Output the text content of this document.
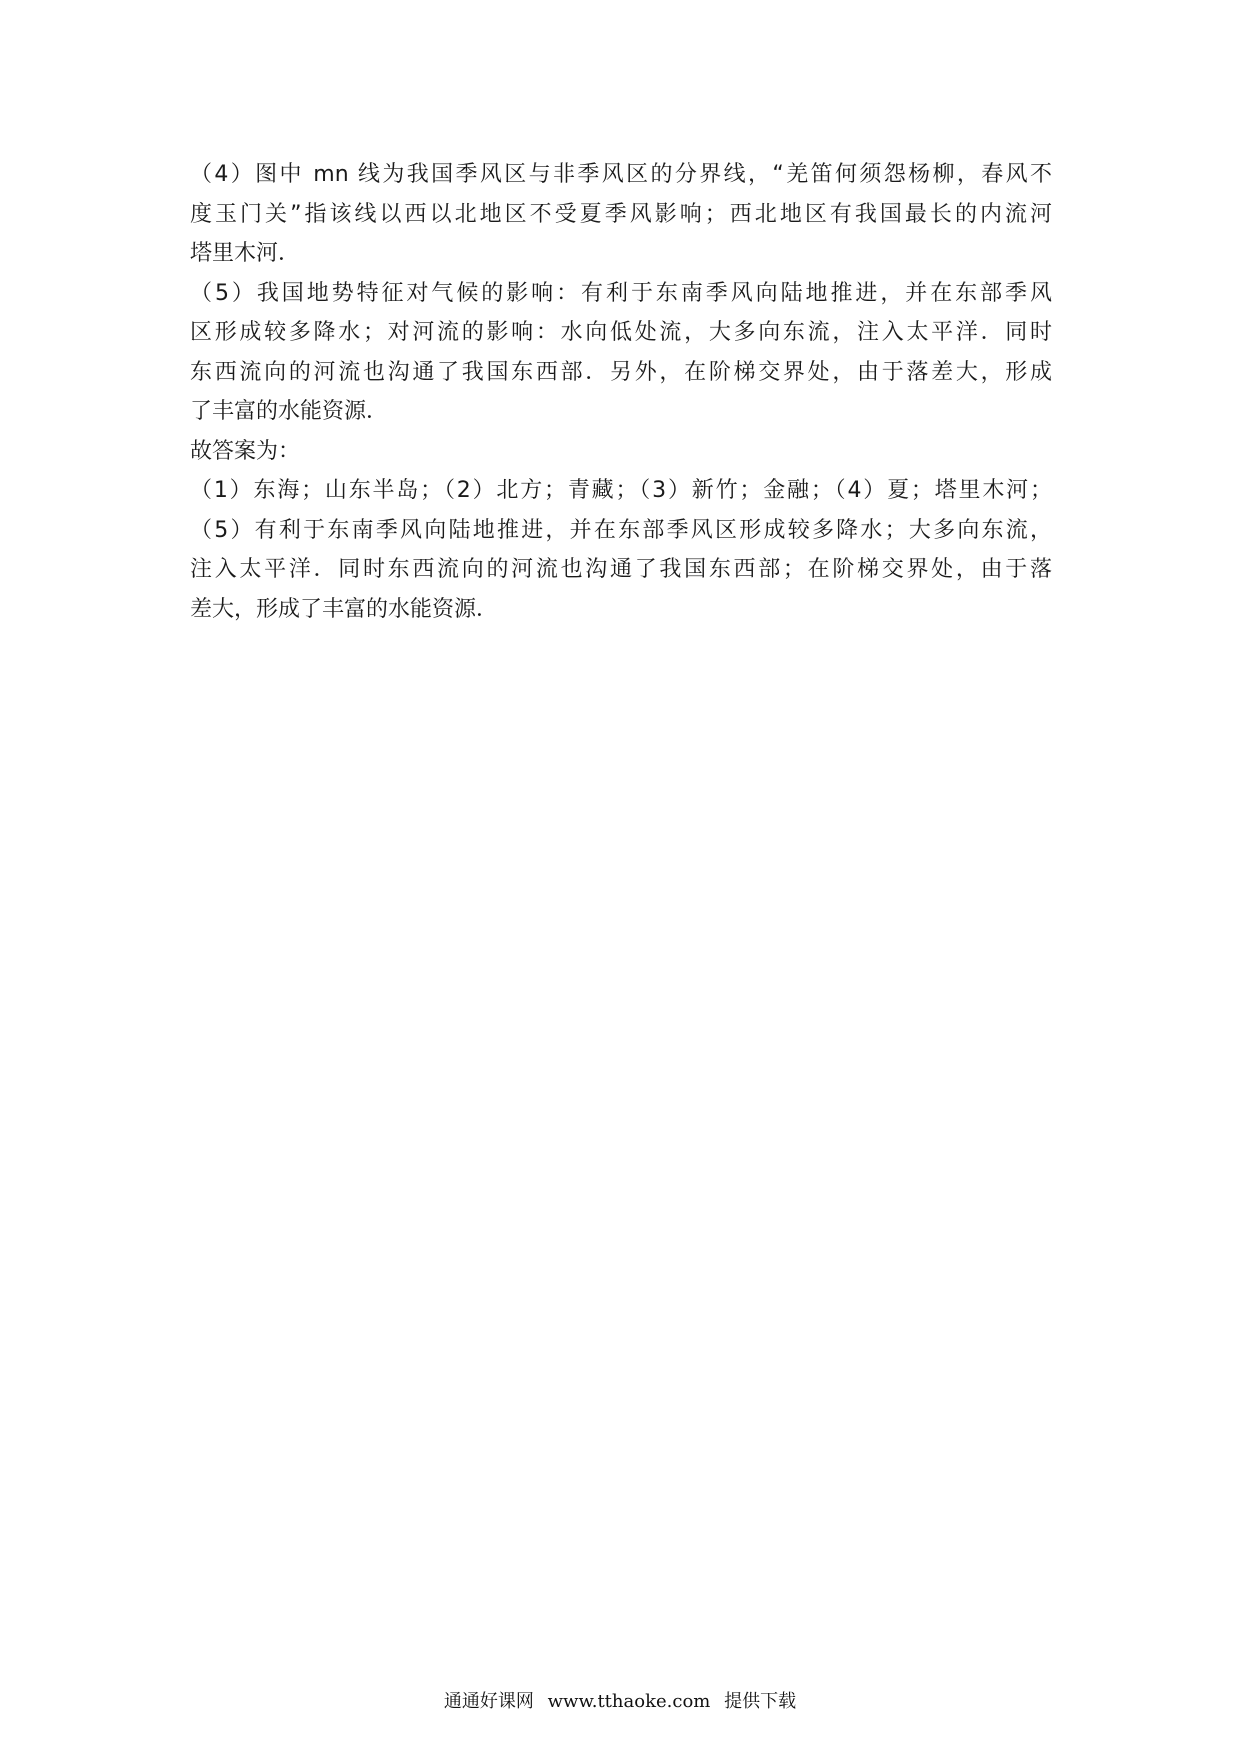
（4）图中 mn 线为我国季风区与非季风区的分界线，“羌笛何须怨杨柳，春风不
度玉门关”指该线以西以北地区不受夏季风影响；西北地区有我国最长的内流河
塔里木河．
（5）我国地势特征对气候的影响：有利于东南季风向陆地推进，并在东部季风
区形成较多降水；对河流的影响：水向低处流，大多向东流，注入太平洋．同时
东西流向的河流也沟通了我国东西部．另外，在阶梯交界处，由于落差大，形成
了丰富的水能资源．
故答案为：
（1）东海；山东半岛；（2）北方；青藏；（3）新竹；金融；（4）夏；塔里木河；
（5）有利于东南季风向陆地推进，并在东部季风区形成较多降水；大多向东流，
注入太平洋．同时东西流向的河流也沟通了我国东西部；在阶梯交界处，由于落
差大，形成了丰富的水能资源．
通通好课网 www.tthaoke.com 提供下载
